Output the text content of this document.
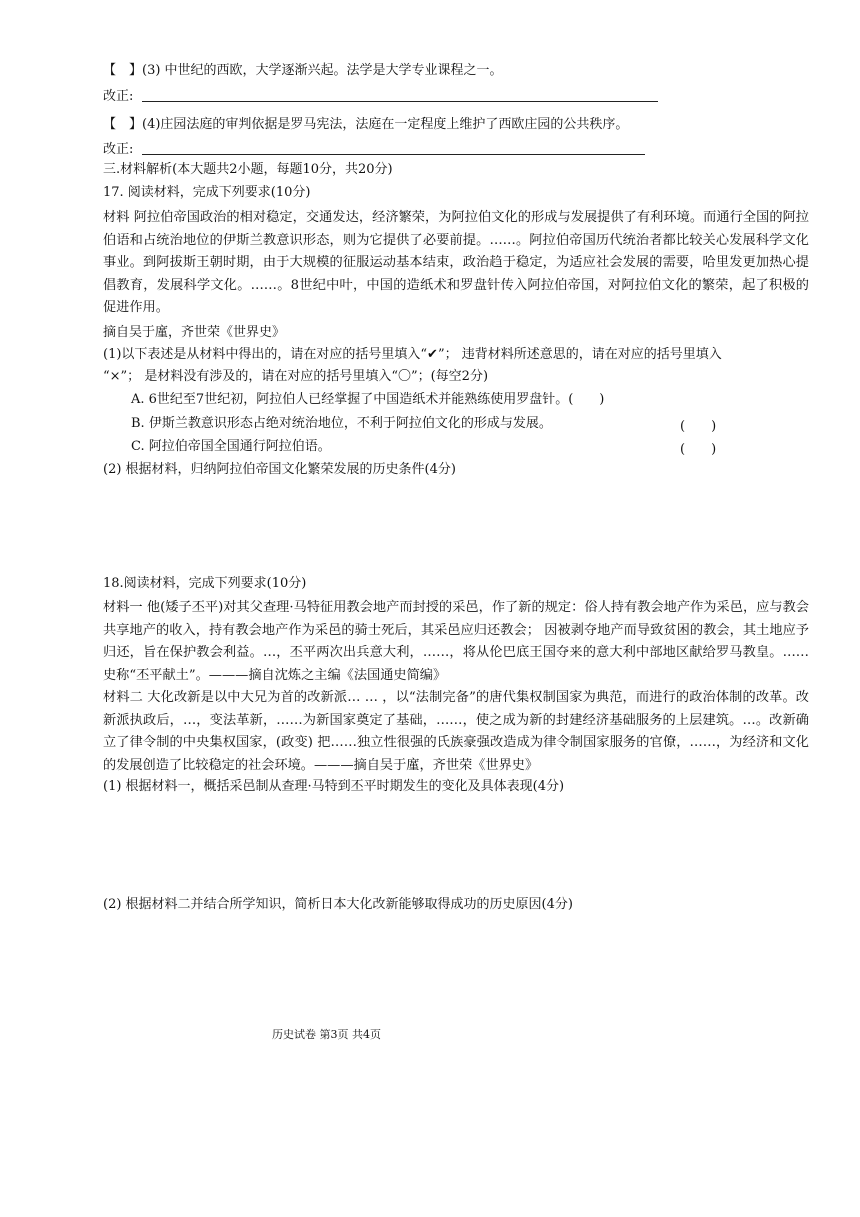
【　】(3) 中世纪的西欧，大学逐渐兴起。法学是大学专业课程之一。
改正:
【　】(4)庄园法庭的审判依据是罗马宪法，法庭在一定程度上维护了西欧庄园的公共秩序。
改正:
三.材料解析(本大题共2小题，每题10分，共20分)
17. 阅读材料，完成下列要求(10分)
材料 阿拉伯帝国政治的相对稳定，交通发达，经济繁荣，为阿拉伯文化的形成与发展提供了有利环境。而通行全国的阿拉伯语和占统治地位的伊斯兰教意识形态，则为它提供了必要前提。……。阿拉伯帝国历代统治者都比较关心发展科学文化事业。到阿拔斯王朝时期，由于大规模的征服运动基本结束，政治趋于稳定，为适应社会发展的需要，哈里发更加热心提倡教育，发展科学文化。……。8世纪中叶，中国的造纸术和罗盘针传入阿拉伯帝国，对阿拉伯文化的繁荣，起了积极的促进作用。
摘自吴于廑，齐世荣《世界史》
(1)以下表述是从材料中得出的，请在对应的括号里填入“✔”； 违背材料所述意思的，请在对应的括号里填入
“×”； 是材料没有涉及的，请在对应的括号里填入“〇”；(每空2分)
A. 6世纪至7世纪初，阿拉伯人已经掌握了中国造纸术并能熟练使用罗盘针。(　　)
B. 伊斯兰教意识形态占绝对统治地位，不利于阿拉伯文化的形成与发展。	(　　)
C. 阿拉伯帝国全国通行阿拉伯语。	(　　)
(2) 根据材料，归纳阿拉伯帝国文化繁荣发展的历史条件(4分)
18.阅读材料，完成下列要求(10分)
材料一 他(矮子丕平)对其父查理·马特征用教会地产而封授的采邑，作了新的规定：俗人持有教会地产作为采邑，应与教会共享地产的收入，持有教会地产作为采邑的骑士死后，其采邑应归还教会； 因被剥夺地产而导致贫困的教会，其土地应予归还，旨在保护教会利益。…，丕平两次出兵意大利，……，将从伦巴底王国夺来的意大利中部地区献给罗马教皇。……史称“丕平献土”。———摘自沈炼之主编《法国通史简编》
材料二 大化改新是以中大兄为首的改新派… … ，以“法制完备”的唐代集权制国家为典范，而进行的政治体制的改革。改新派执政后，…，变法革新，……为新国家奠定了基础，……，使之成为新的封建经济基础服务的上层建筑。…。改新确立了律令制的中央集权国家，(政变) 把……独立性很强的氏族豪强改造成为律令制国家服务的官僚，……，为经济和文化的发展创造了比较稳定的社会环境。———摘自吴于廑，齐世荣《世界史》
(1) 根据材料一，概括采邑制从查理·马特到丕平时期发生的变化及具体表现(4分)
(2) 根据材料二并结合所学知识，简析日本大化改新能够取得成功的历史原因(4分)
历史试卷 第3页 共4页
